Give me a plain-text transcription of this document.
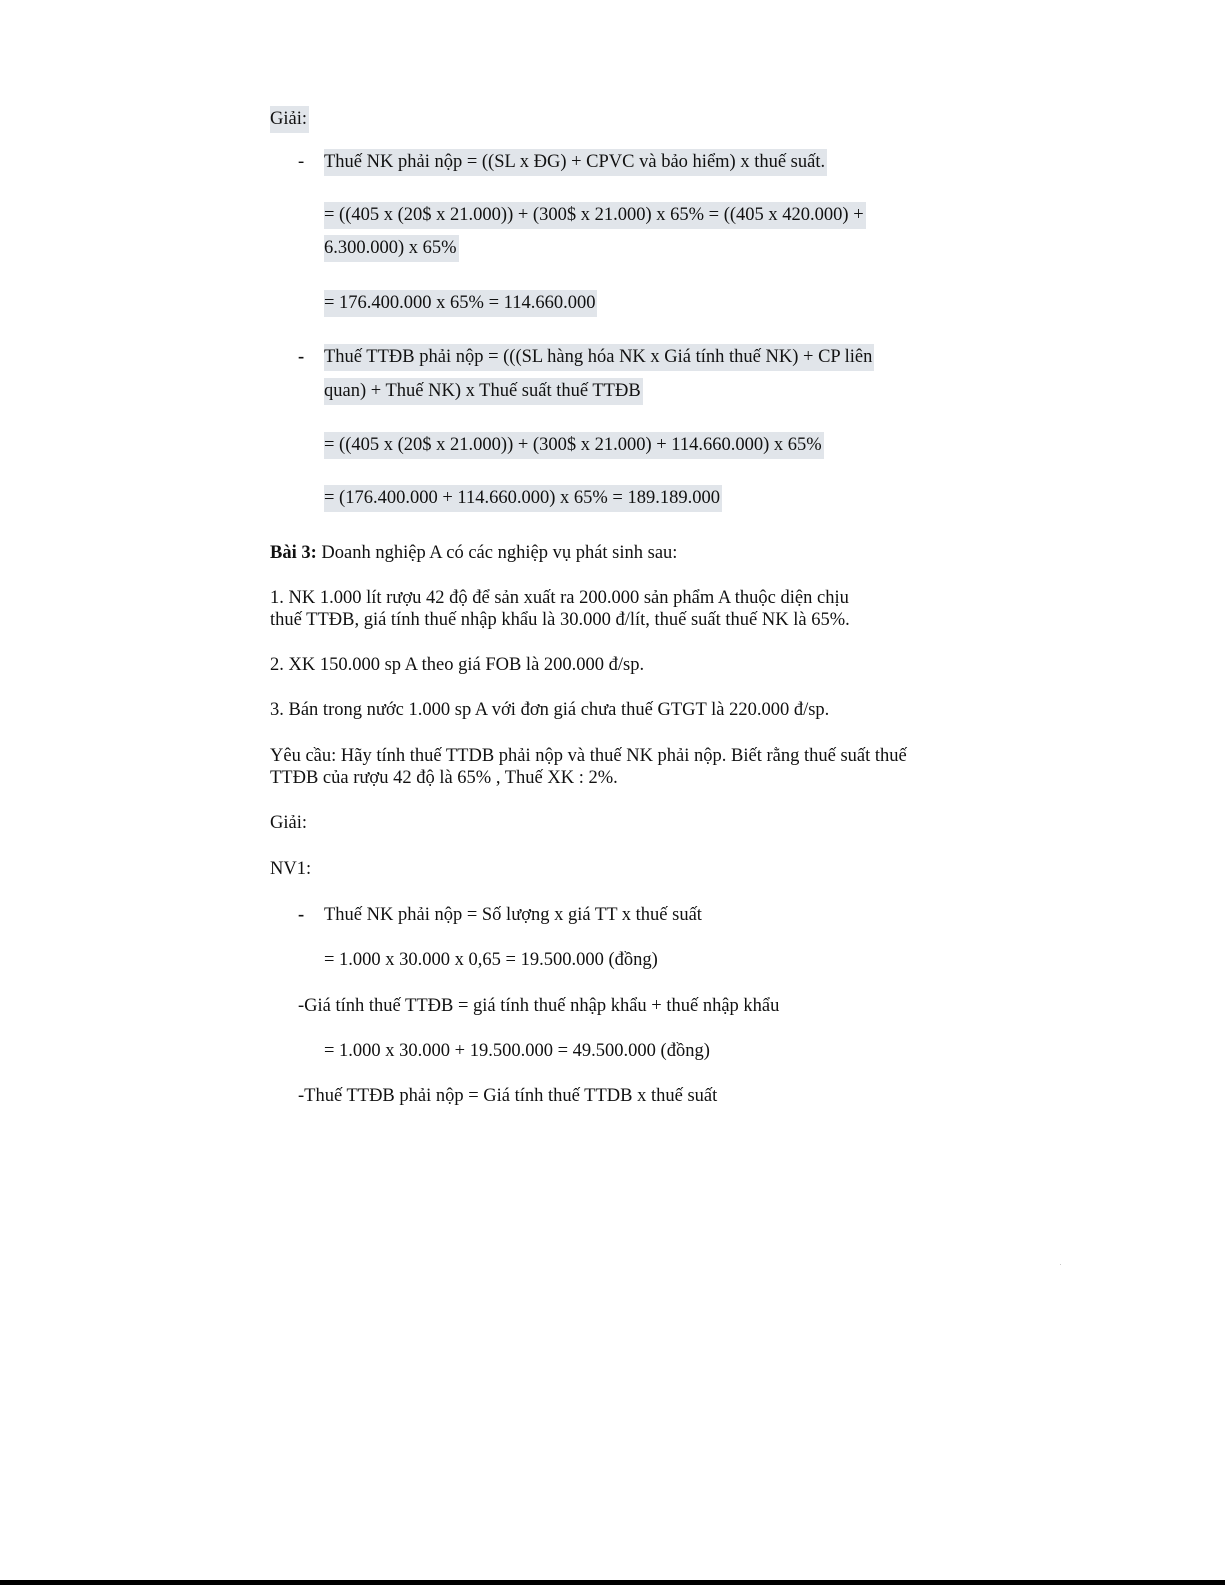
Giải:
- Thuế NK phải nộp = ((SL x ĐG) + CPVC và bảo hiểm) x thuế suất.
= ((405 x (20$ x 21.000)) + (300$ x 21.000) x 65% = ((405 x 420.000) +
6.300.000) x 65%
= 176.400.000 x 65% = 114.660.000
- Thuế TTĐB phải nộp = (((SL hàng hóa NK x Giá tính thuế NK) + CP liên
quan) + Thuế NK) x Thuế suất thuế TTĐB
= ((405 x (20$ x 21.000)) + (300$ x 21.000) + 114.660.000) x 65%
= (176.400.000 + 114.660.000) x 65% = 189.189.000
Bài 3: Doanh nghiệp A có các nghiệp vụ phát sinh sau:
1. NK 1.000 lít rượu 42 độ để sản xuất ra 200.000 sản phẩm A thuộc diện chịu
thuế TTĐB, giá tính thuế nhập khẩu là 30.000 đ/lít, thuế suất thuế NK là 65%.
2. XK 150.000 sp A theo giá FOB là 200.000 đ/sp.
3. Bán trong nước 1.000 sp A với đơn giá chưa thuế GTGT là 220.000 đ/sp.
Yêu cầu: Hãy tính thuế TTDB phải nộp và thuế NK phải nộp. Biết rằng thuế suất thuế
TTĐB của rượu 42 độ là 65% , Thuế XK : 2%.
Giải:
NV1:
- Thuế NK phải nộp = Số lượng x giá TT x thuế suất
= 1.000 x 30.000 x 0,65 = 19.500.000 (đồng)
-Giá tính thuế TTĐB = giá tính thuế nhập khẩu + thuế nhập khẩu
= 1.000 x 30.000 + 19.500.000 = 49.500.000 (đồng)
-Thuế TTĐB phải nộp = Giá tính thuế TTDB x thuế suất
